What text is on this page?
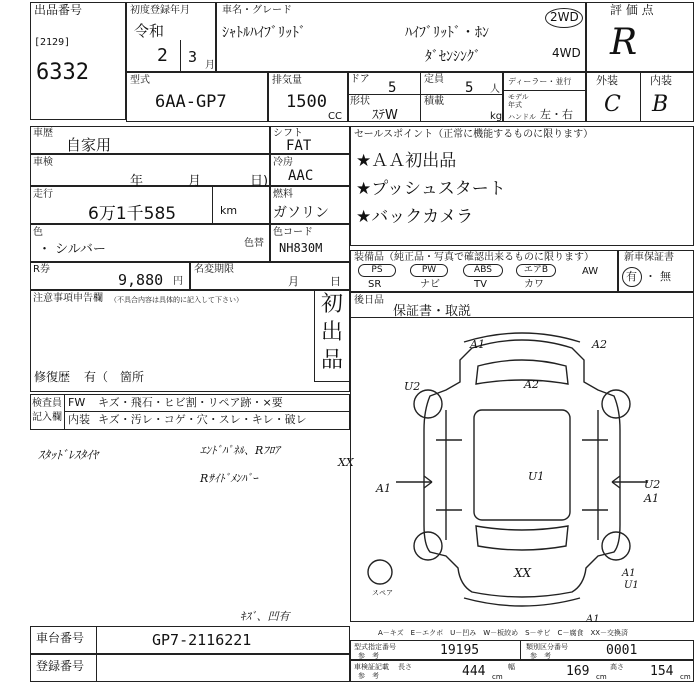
出品番号
[2129]
6332
初度登録年月
令和
2 3 月
車名・グレード
ｼｬﾄﾙﾊｲﾌﾞﾘｯﾄﾞ	ﾊｲﾌﾞﾘｯﾄﾞ・ﾎﾝ
ﾀﾞｾﾝｼﾝｸﾞ
2WD
4WD
評 価 点
R
型式
6AA-GP7
排気量
1500
CC
ドア
5
定員
5 人
形状
ｽﾃW
積載
kg
ディーラー・並行
モデル
年式
ハンドル 左・右
外装	内装
C B
車歴
自家用
車検
年	月	日)
走行
6万1千585	km
色
・ シルバー	色替
シフト
FAT
冷房
AAC
燃料
ガソリン
色コード
NH830M
R券
9,880 円
名変期限
月	日
注意事項申告欄 （不具合内容は具体的に記入して下さい）	初
出
品
修復歴 有（　箇所
検査員
記入欄
FW キズ・飛石・ヒビ割・リペア跡・×要
内装 キズ・汚レ・コゲ・穴・スレ・キレ・破レ
ｽﾀｯﾄﾞﾚｽﾀｲﾔ	ｴﾝﾄﾞﾊﾟﾈﾙ、Rﾌﾛｱ
Rｻｲﾄﾞﾒﾝﾊﾞｰ
XX
ｷｽﾞ、凹有
セールスポイント（正常に機能するものに限ります）
★ＡＡ初出品
★プッシュスタート
★バックカメラ
装備品（純正品・写真で確認出来るものに限ります）
PS	PW	ABS	エアB	AW
SR	ナビ	TV	カワ
新車保証書
有 ・ 無
後日品
保証書・取説
A1	A2
A2
U2
A1
U1
U2
A1
XX	A1
U1
スペア
A1
A－キズ　E－エクボ　U－凹み　W－板絞め　S－サビ　C－腐食　XX－交換済
車台番号	GP7-2116221
登録番号
型式指定番号
参　考	19195	類別区分番号
参　考	0001
車検証記載
参　考
長さ	444 cm
幅	169 cm
高さ 154 cm
